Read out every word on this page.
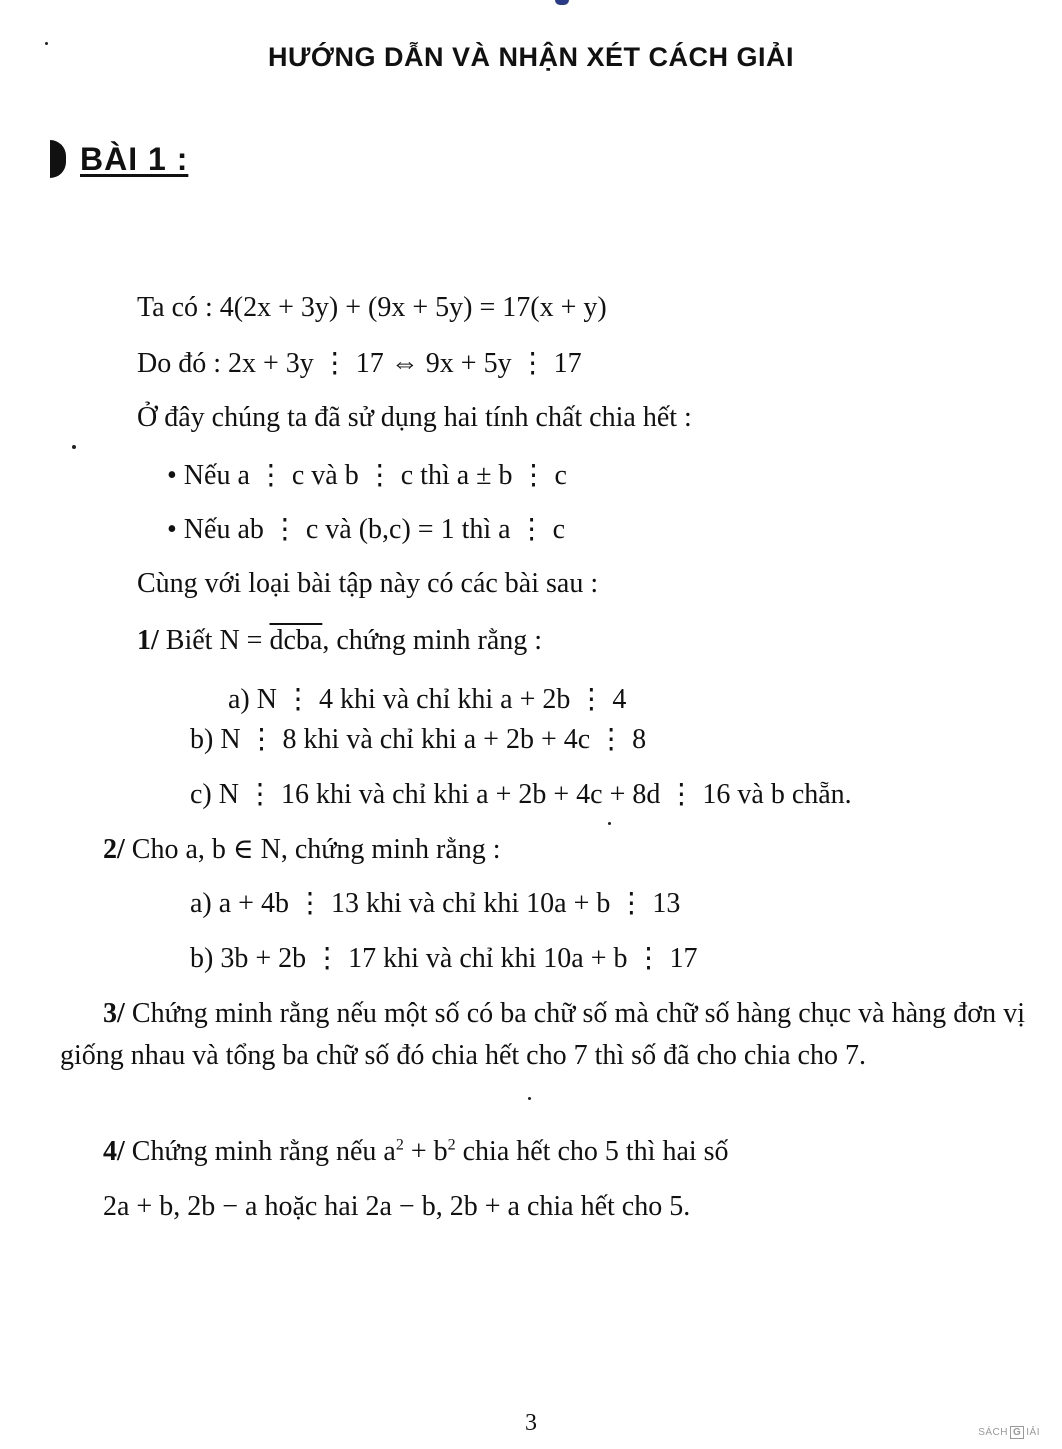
HƯỚNG DẪN VÀ NHẬN XÉT CÁCH GIẢI
BÀI 1 :
Ta có : 4(2x + 3y) + (9x + 5y) = 17(x + y)
Do đó : 2x + 3y ⋮ 17 ⇔ 9x + 5y ⋮ 17
Ở đây chúng ta đã sử dụng hai tính chất chia hết :
• Nếu a ⋮ c và b ⋮ c thì a ± b ⋮ c
• Nếu ab ⋮ c và (b,c) = 1 thì a ⋮ c
Cùng với loại bài tập này có các bài sau :
1/ Biết N = dcba, chứng minh rằng :
a) N ⋮ 4 khi và chỉ khi a + 2b ⋮ 4
b) N ⋮ 8 khi và chỉ khi a + 2b + 4c ⋮ 8
c) N ⋮ 16 khi và chỉ khi a + 2b + 4c + 8d ⋮ 16 và b chẵn.
2/ Cho a, b ∈ N, chứng minh rằng :
a) a + 4b ⋮ 13 khi và chỉ khi 10a + b ⋮ 13
b) 3b + 2b ⋮ 17 khi và chỉ khi 10a + b ⋮ 17
3/ Chứng minh rằng nếu một số có ba chữ số mà chữ số hàng chục và hàng đơn vị giống nhau và tổng ba chữ số đó chia hết cho 7 thì số đã cho chia cho 7.
4/ Chứng minh rằng nếu $a^2 + b^2$ chia hết cho 5 thì hai số
2a + b, 2b − a hoặc hai 2a − b, 2b + a chia hết cho 5.
3	SÁCH G IẢI
